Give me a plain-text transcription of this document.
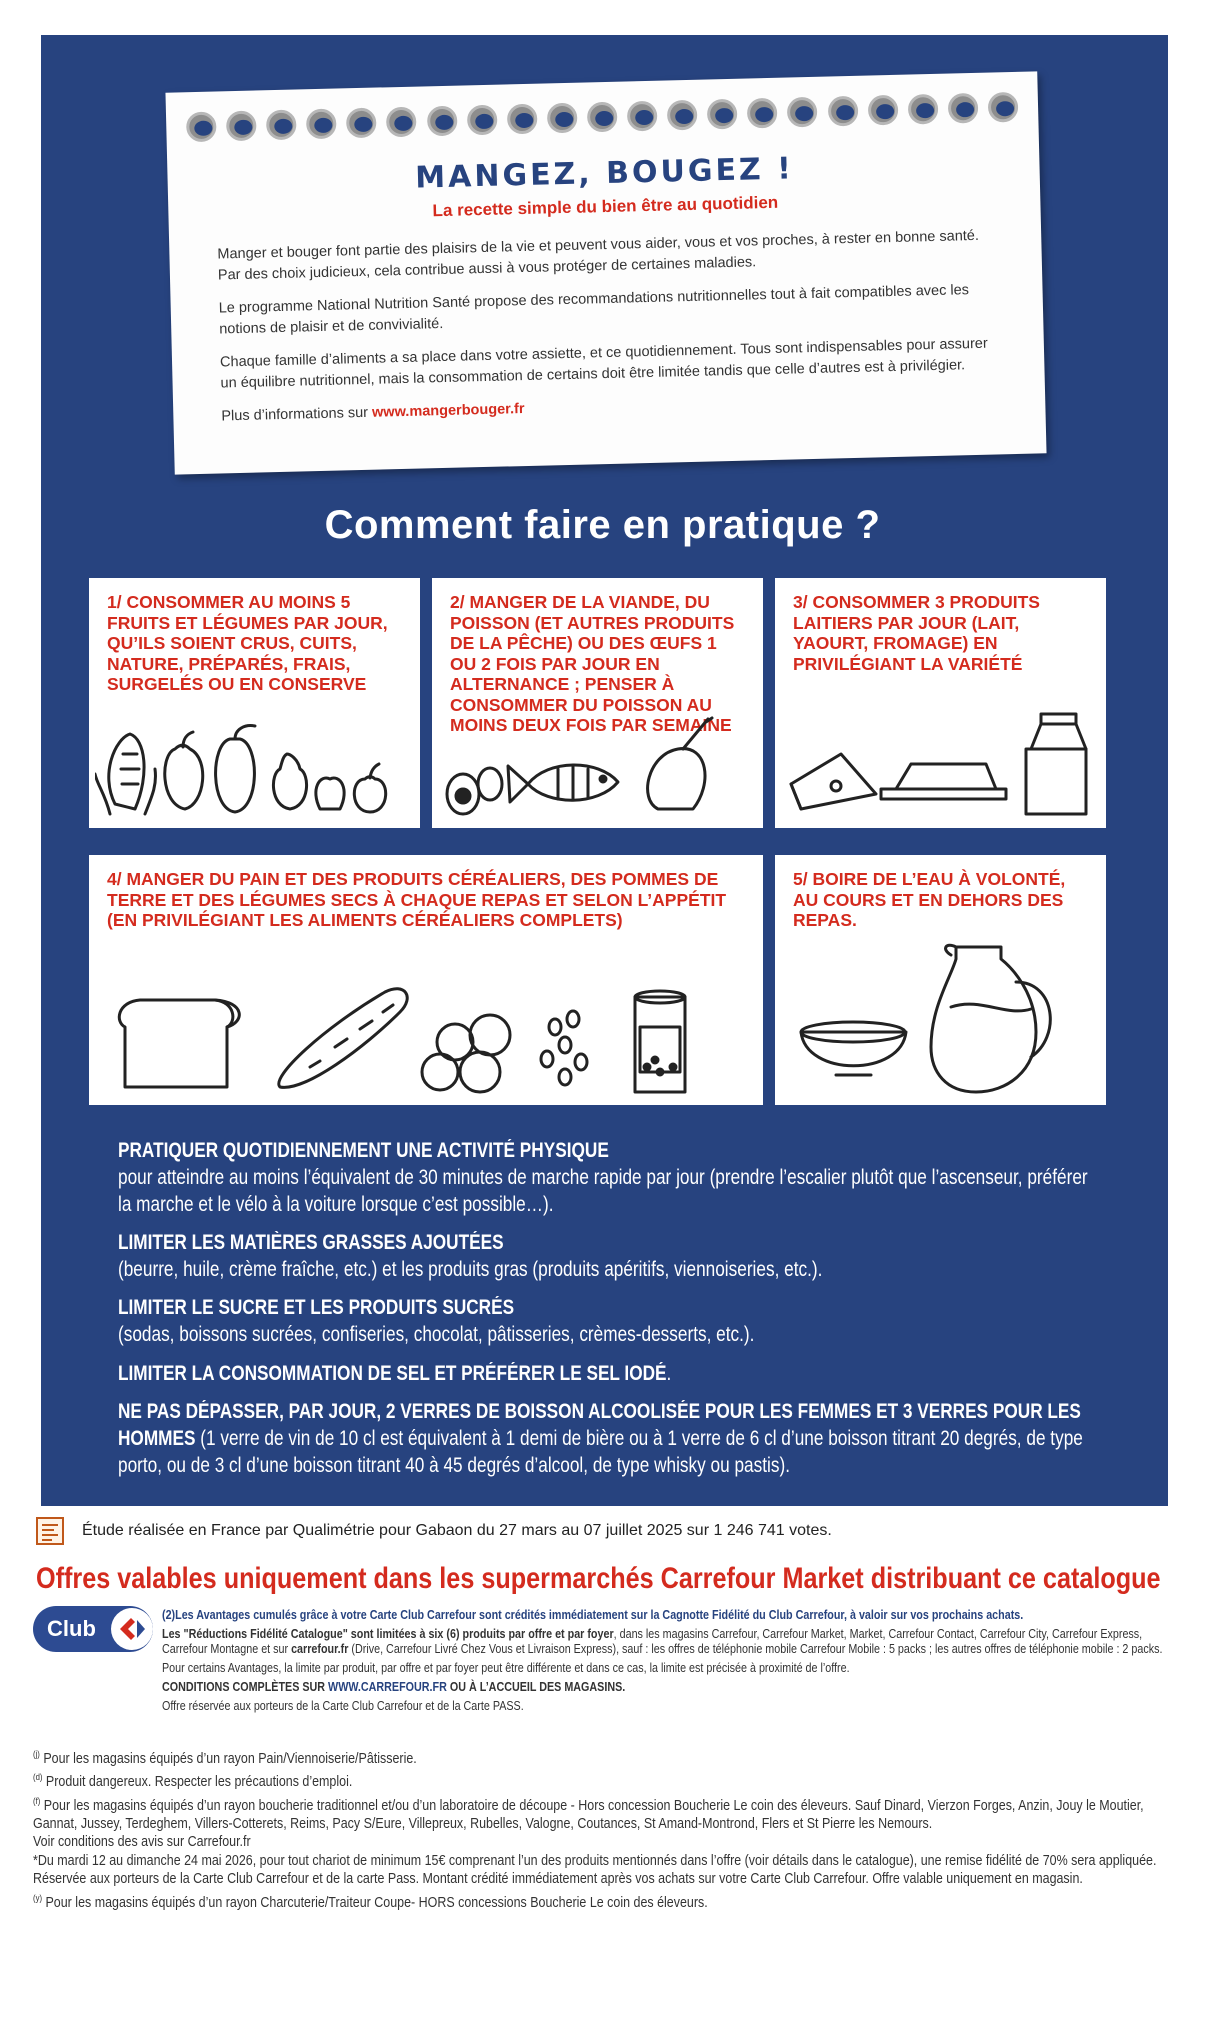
MANGEZ, BOUGEZ !
La recette simple du bien être au quotidien

Manger et bouger font partie des plaisirs de la vie et peuvent vous aider, vous et vos proches, à rester en bonne santé. Par des choix judicieux, cela contribue aussi à vous protéger de certaines maladies.

Le programme National Nutrition Santé propose des recommandations nutritionnelles tout à fait compatibles avec les notions de plaisir et de convivialité.

Chaque famille d’aliments a sa place dans votre assiette, et ce quotidiennement. Tous sont indispensables pour assurer un équilibre nutritionnel, mais la consommation de certains doit être limitée tandis que celle d’autres est à privilégier.

Plus d’informations sur www.mangerbouger.fr

Comment faire en pratique ?
1/ CONSOMMER AU MOINS 5 FRUITS ET LÉGUMES PAR JOUR, QU’ILS SOIENT CRUS, CUITS, NATURE, PRÉPARÉS, FRAIS, SURGELÉS OU EN CONSERVE
2/ MANGER DE LA VIANDE, DU POISSON (ET AUTRES PRODUITS DE LA PÊCHE) OU DES ŒUFS 1 OU 2 FOIS PAR JOUR EN ALTERNANCE ; PENSER À CONSOMMER DU POISSON AU MOINS DEUX FOIS PAR SEMAINE
3/ CONSOMMER 3 PRODUITS LAITIERS PAR JOUR (LAIT, YAOURT, FROMAGE) EN PRIVILÉGIANT LA VARIÉTÉ
4/ MANGER DU PAIN ET DES PRODUITS CÉRÉALIERS, DES POMMES DE TERRE ET DES LÉGUMES SECS À CHAQUE REPAS ET SELON L’APPÉTIT (EN PRIVILÉGIANT LES ALIMENTS CÉRÉALIERS COMPLETS)
5/ BOIRE DE L’EAU À VOLONTÉ, AU COURS ET EN DEHORS DES REPAS.
PRATIQUER QUOTIDIENNEMENT UNE ACTIVITÉ PHYSIQUE
pour atteindre au moins l’équivalent de 30 minutes de marche rapide par jour (prendre l’escalier plutôt que l’ascenseur, préférer la marche et le vélo à la voiture lorsque c’est possible…).
LIMITER LES MATIÈRES GRASSES AJOUTÉES
(beurre, huile, crème fraîche, etc.) et les produits gras (produits apéritifs, viennoiseries, etc.).
LIMITER LE SUCRE ET LES PRODUITS SUCRÉS
(sodas, boissons sucrées, confiseries, chocolat, pâtisseries, crèmes-desserts, etc.).
LIMITER LA CONSOMMATION DE SEL ET PRÉFÉRER LE SEL IODÉ.
NE PAS DÉPASSER, PAR JOUR, 2 VERRES DE BOISSON ALCOOLISÉE POUR LES FEMMES ET 3 VERRES POUR LES HOMMES (1 verre de vin de 10 cl est équivalent à 1 demi de bière ou à 1 verre de 6 cl d’une boisson titrant 20 degrés, de type porto, ou de 3 cl d’une boisson titrant 40 à 45 degrés d’alcool, de type whisky ou pastis).
Étude réalisée en France par Qualimétrie pour Gabaon du 27 mars au 07 juillet 2025 sur 1 246 741 votes.
Offres valables uniquement dans les supermarchés Carrefour Market distribuant ce catalogue
Club

(2)Les Avantages cumulés grâce à votre Carte Club Carrefour sont crédités immédiatement sur la Cagnotte Fidélité du Club Carrefour, à valoir sur vos prochains achats.

Les "Réductions Fidélité Catalogue" sont limitées à six (6) produits par offre et par foyer, dans les magasins Carrefour, Carrefour Market, Market, Carrefour Contact, Carrefour City, Carrefour Express, Carrefour Montagne et sur carrefour.fr (Drive, Carrefour Livré Chez Vous et Livraison Express), sauf : les offres de téléphonie mobile Carrefour Mobile : 5 packs ; les autres offres de téléphonie mobile : 2 packs.

Pour certains Avantages, la limite par produit, par offre et par foyer peut être différente et dans ce cas, la limite est précisée à proximité de l’offre.

CONDITIONS COMPLÈTES SUR WWW.CARREFOUR.FR OU À L’ACCUEIL DES MAGASINS.

Offre réservée aux porteurs de la Carte Club Carrefour et de la Carte PASS.

$^{(j)}$ Pour les magasins équipés d’un rayon Pain/Viennoiserie/Pâtisserie.
$^{(d)}$ Produit dangereux. Respecter les précautions d’emploi.
$^{(f)}$ Pour les magasins équipés d’un rayon boucherie traditionnel et/ou d’un laboratoire de découpe - Hors concession Boucherie Le coin des éleveurs. Sauf Dinard, Vierzon Forges, Anzin, Jouy le Moutier, Gannat, Jussey, Terdeghem, Villers-Cotterets, Reims, Pacy S/Eure, Villepreux, Rubelles, Valogne, Coutances, St Amand-Montrond, Flers et St Pierre les Nemours.
Voir conditions des avis sur Carrefour.fr
*Du mardi 12 au dimanche 24 mai 2026, pour tout chariot de minimum 15€ comprenant l’un des produits mentionnés dans l’offre (voir détails dans le catalogue), une remise fidélité de 70% sera appliquée. Réservée aux porteurs de la Carte Club Carrefour et de la carte Pass. Montant crédité immédiatement après vos achats sur votre Carte Club Carrefour. Offre valable uniquement en magasin.
$^{(y)}$ Pour les magasins équipés d’un rayon Charcuterie/Traiteur Coupe- HORS concessions Boucherie Le coin des éleveurs.
